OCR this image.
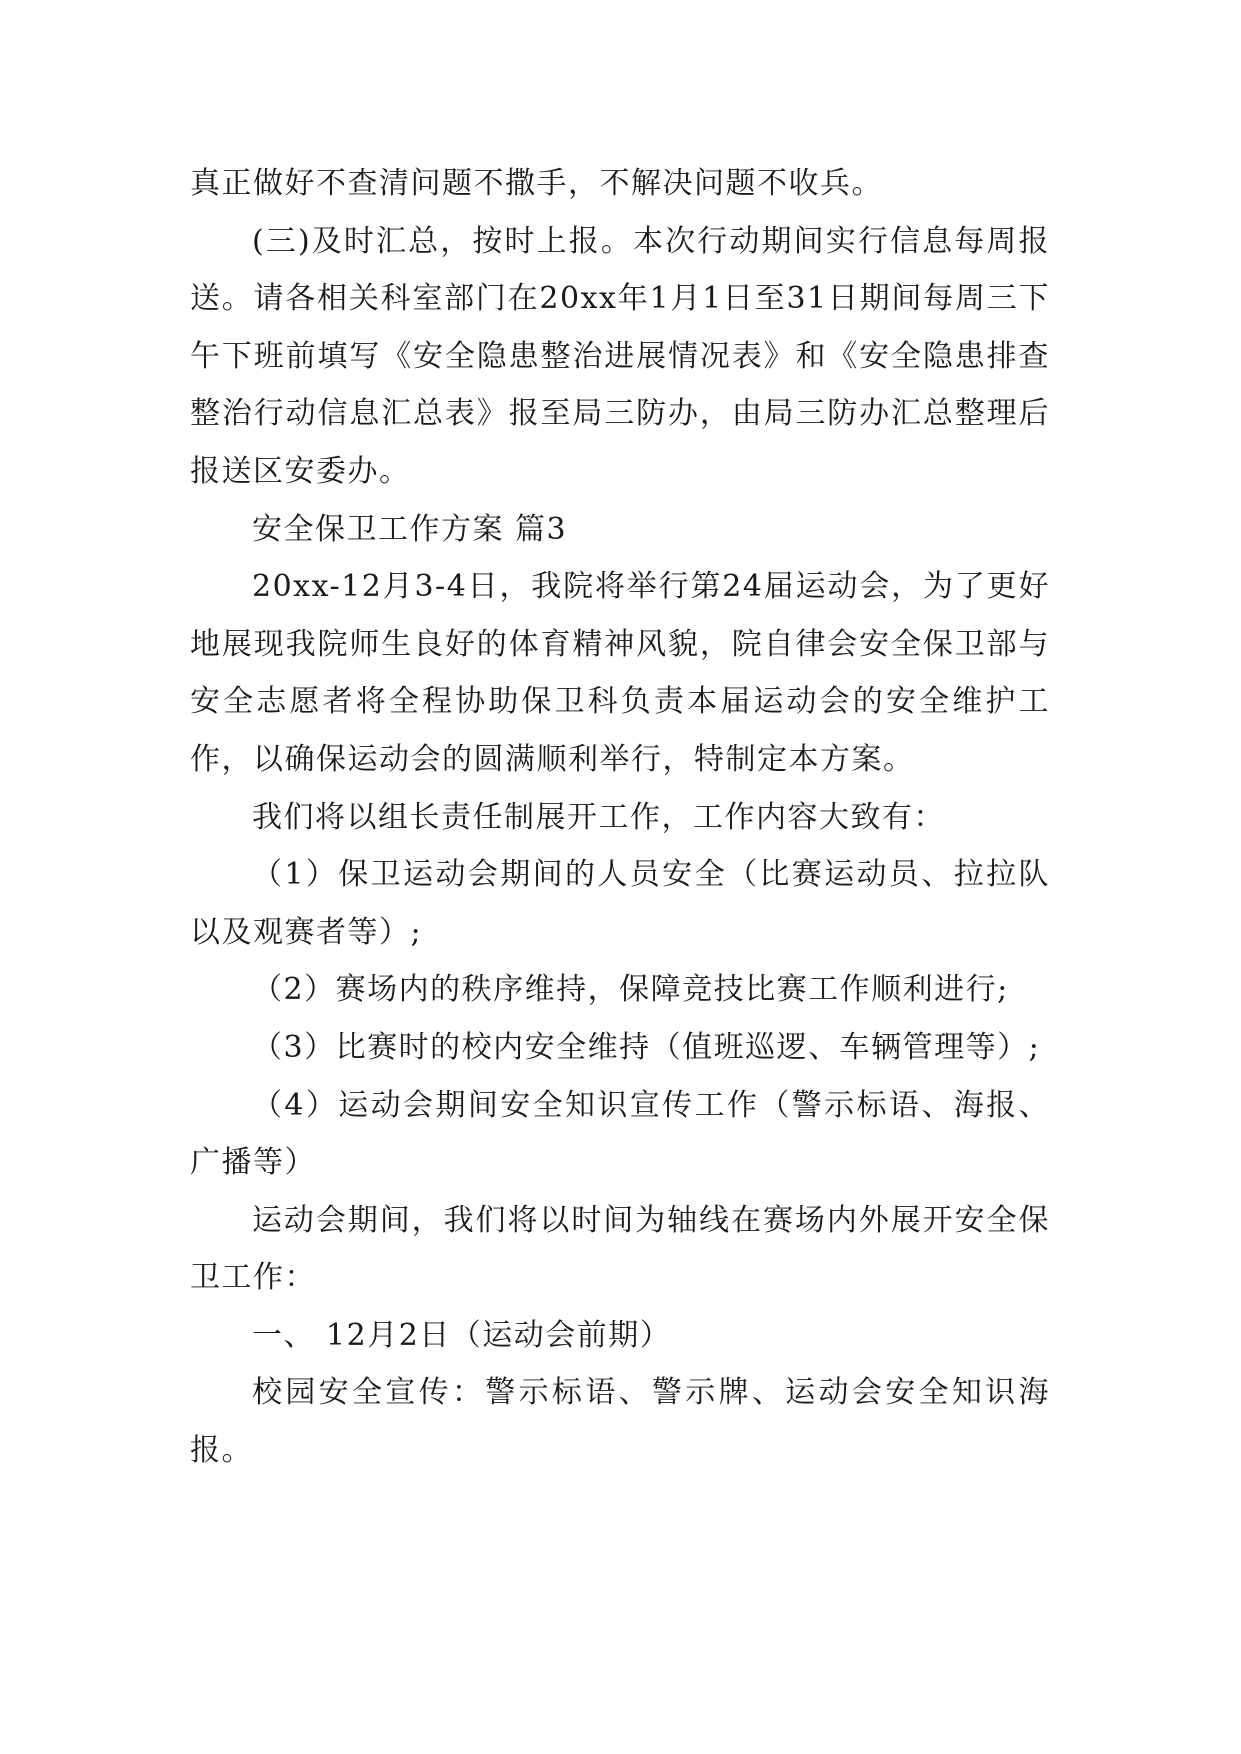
真正做好不查清问题不撒手，不解决问题不收兵。

(三)及时汇总，按时上报。本次行动期间实行信息每周报送。请各相关科室部门在20xx年1月1日至31日期间每周三下午下班前填写《安全隐患整治进展情况表》和《安全隐患排查整治行动信息汇总表》报至局三防办，由局三防办汇总整理后报送区安委办。

安全保卫工作方案 篇3

20xx-12月3-4日，我院将举行第24届运动会，为了更好地展现我院师生良好的体育精神风貌，院自律会安全保卫部与安全志愿者将全程协助保卫科负责本届运动会的安全维护工作，以确保运动会的圆满顺利举行，特制定本方案。

我们将以组长责任制展开工作，工作内容大致有：

（1）保卫运动会期间的人员安全（比赛运动员、拉拉队以及观赛者等）;

（2）赛场内的秩序维持，保障竞技比赛工作顺利进行;

（3）比赛时的校内安全维持（值班巡逻、车辆管理等）;

（4）运动会期间安全知识宣传工作（警示标语、海报、广播等）

运动会期间，我们将以时间为轴线在赛场内外展开安全保卫工作：

一、 12月2日（运动会前期）

校园安全宣传：警示标语、警示牌、运动会安全知识海报。
